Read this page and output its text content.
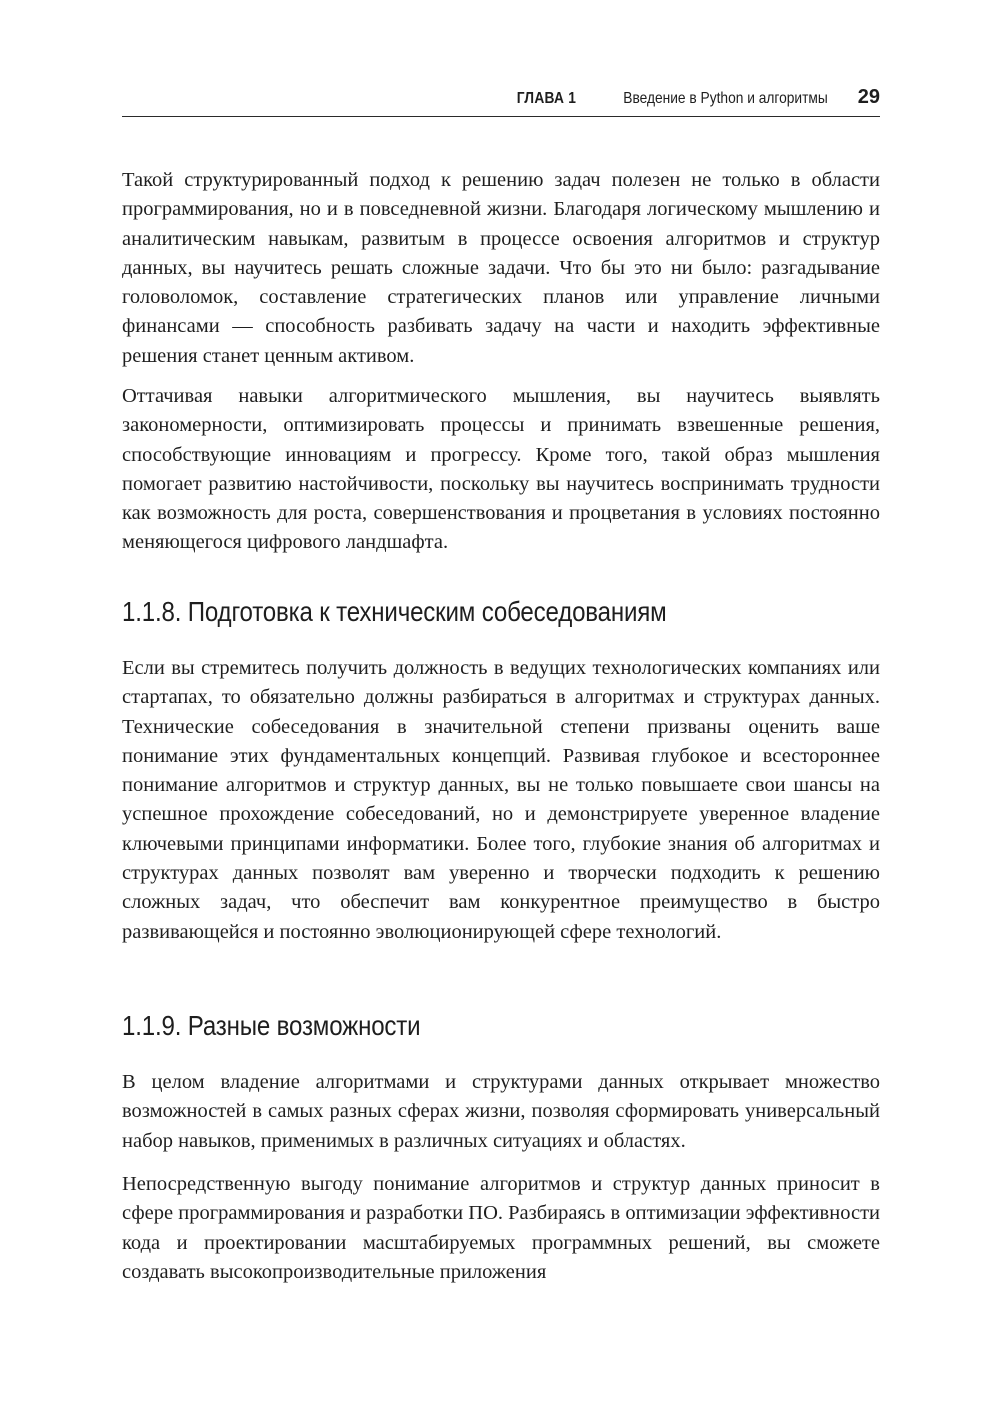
ГЛАВА 1	Введение в Python и алгоритмы 29

Такой структурированный подход к решению задач полезен не только в области программирования, но и в повседневной жизни. Благодаря логическому мышлению и аналитическим навыкам, развитым в процессе освоения алгоритмов и структур данных, вы научитесь решать сложные задачи. Что бы это ни было: разгадывание головоломок, составление стратегических планов или управление личными финансами — способность разбивать задачу на части и находить эффективные решения станет ценным активом.

Оттачивая навыки алгоритмического мышления, вы научитесь выявлять закономерности, оптимизировать процессы и принимать взвешенные решения, способствующие инновациям и прогрессу. Кроме того, такой образ мышления помогает развитию настойчивости, поскольку вы научитесь воспринимать трудности как возможность для роста, совершенствования и процветания в условиях постоянно меняющегося цифрового ландшафта.

1.1.8. Подготовка к техническим собеседованиям

Если вы стремитесь получить должность в ведущих технологических компаниях или стартапах, то обязательно должны разбираться в алгоритмах и структурах данных. Технические собеседования в значительной степени призваны оценить ваше понимание этих фундаментальных концепций. Развивая глубокое и всестороннее понимание алгоритмов и структур данных, вы не только повышаете свои шансы на успешное прохождение собеседований, но и демонстрируете уверенное владение ключевыми принципами информатики. Более того, глубокие знания об алгоритмах и структурах данных позволят вам уверенно и творчески подходить к решению сложных задач, что обеспечит вам конкурентное преимущество в быстро развивающейся и постоянно эволюционирующей сфере технологий.

1.1.9. Разные возможности

В целом владение алгоритмами и структурами данных открывает множество возможностей в самых разных сферах жизни, позволяя сформировать универсальный набор навыков, применимых в различных ситуациях и областях.

Непосредственную выгоду понимание алгоритмов и структур данных приносит в сфере программирования и разработки ПО. Разбираясь в оптимизации эффективности кода и проектировании масштабируемых программных решений, вы сможете создавать высокопроизводительные приложения
